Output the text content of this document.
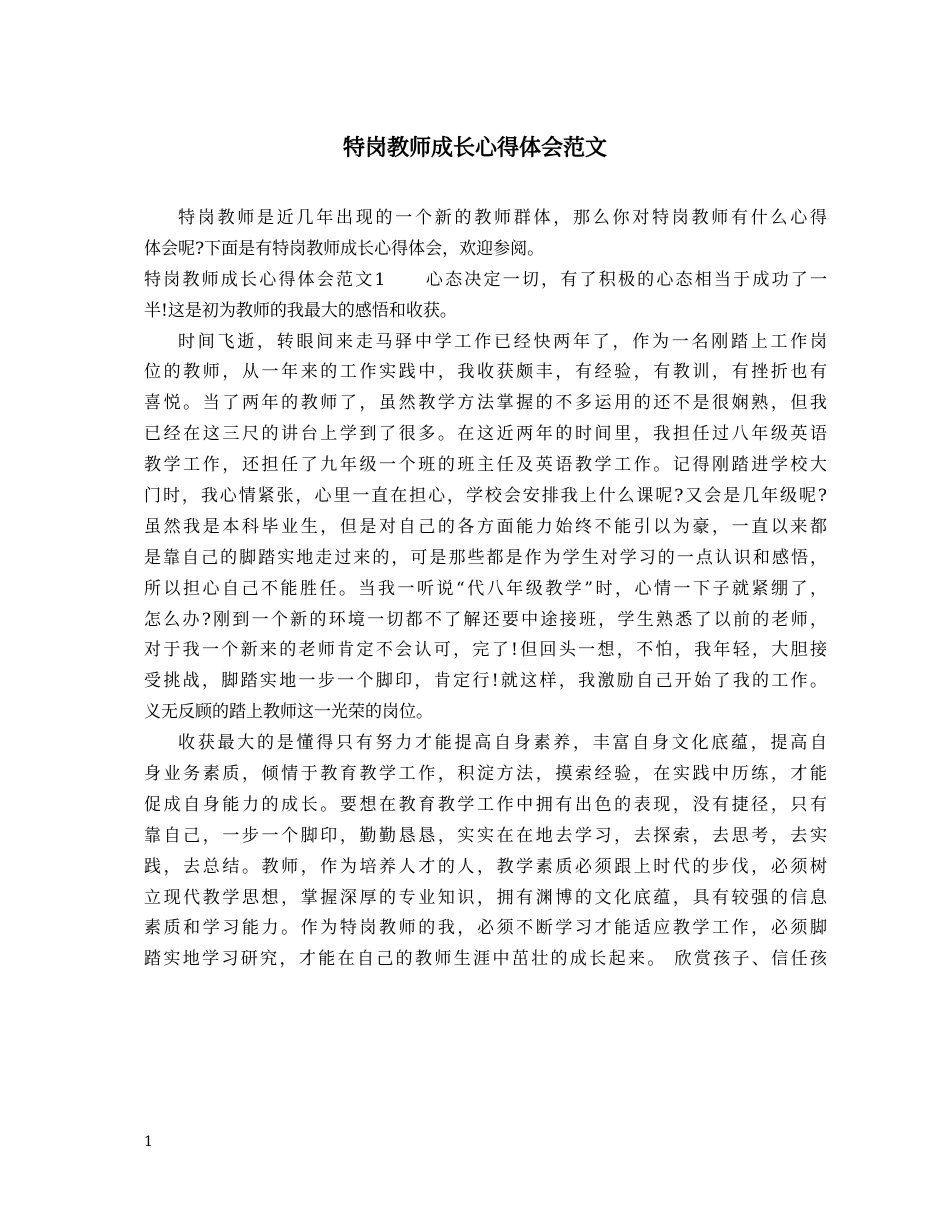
特岗教师成长心得体会范文
特岗教师是近几年出现的一个新的教师群体，那么你对特岗教师有什么心得
体会呢?下面是有特岗教师成长心得体会，欢迎参阅。
特岗教师成长心得体会范文1　　心态决定一切，有了积极的心态相当于成功了一
半!这是初为教师的我最大的感悟和收获。
时间飞逝，转眼间来走马驿中学工作已经快两年了，作为一名刚踏上工作岗
位的教师，从一年来的工作实践中，我收获颇丰，有经验，有教训，有挫折也有
喜悦。当了两年的教师了，虽然教学方法掌握的不多运用的还不是很娴熟，但我
已经在这三尺的讲台上学到了很多。在这近两年的时间里，我担任过八年级英语
教学工作，还担任了九年级一个班的班主任及英语教学工作。记得刚踏进学校大
门时，我心情紧张，心里一直在担心，学校会安排我上什么课呢?又会是几年级呢?
虽然我是本科毕业生，但是对自己的各方面能力始终不能引以为豪，一直以来都
是靠自己的脚踏实地走过来的，可是那些都是作为学生对学习的一点认识和感悟，
所以担心自己不能胜任。当我一听说“代八年级教学”时，心情一下子就紧绷了，
怎么办?刚到一个新的环境一切都不了解还要中途接班，学生熟悉了以前的老师，
对于我一个新来的老师肯定不会认可，完了!但回头一想，不怕，我年轻，大胆接
受挑战，脚踏实地一步一个脚印，肯定行!就这样，我激励自己开始了我的工作。
义无反顾的踏上教师这一光荣的岗位。
收获最大的是懂得只有努力才能提高自身素养，丰富自身文化底蕴，提高自
身业务素质，倾情于教育教学工作，积淀方法，摸索经验，在实践中历练，才能
促成自身能力的成长。要想在教育教学工作中拥有出色的表现，没有捷径，只有
靠自己，一步一个脚印，勤勤恳恳，实实在在地去学习，去探索，去思考，去实
践，去总结。教师，作为培养人才的人，教学素质必须跟上时代的步伐，必须树
立现代教学思想，掌握深厚的专业知识，拥有渊博的文化底蕴，具有较强的信息
素质和学习能力。作为特岗教师的我，必须不断学习才能适应教学工作，必须脚
踏实地学习研究，才能在自己的教师生涯中茁壮的成长起来。 欣赏孩子、信任孩
1
